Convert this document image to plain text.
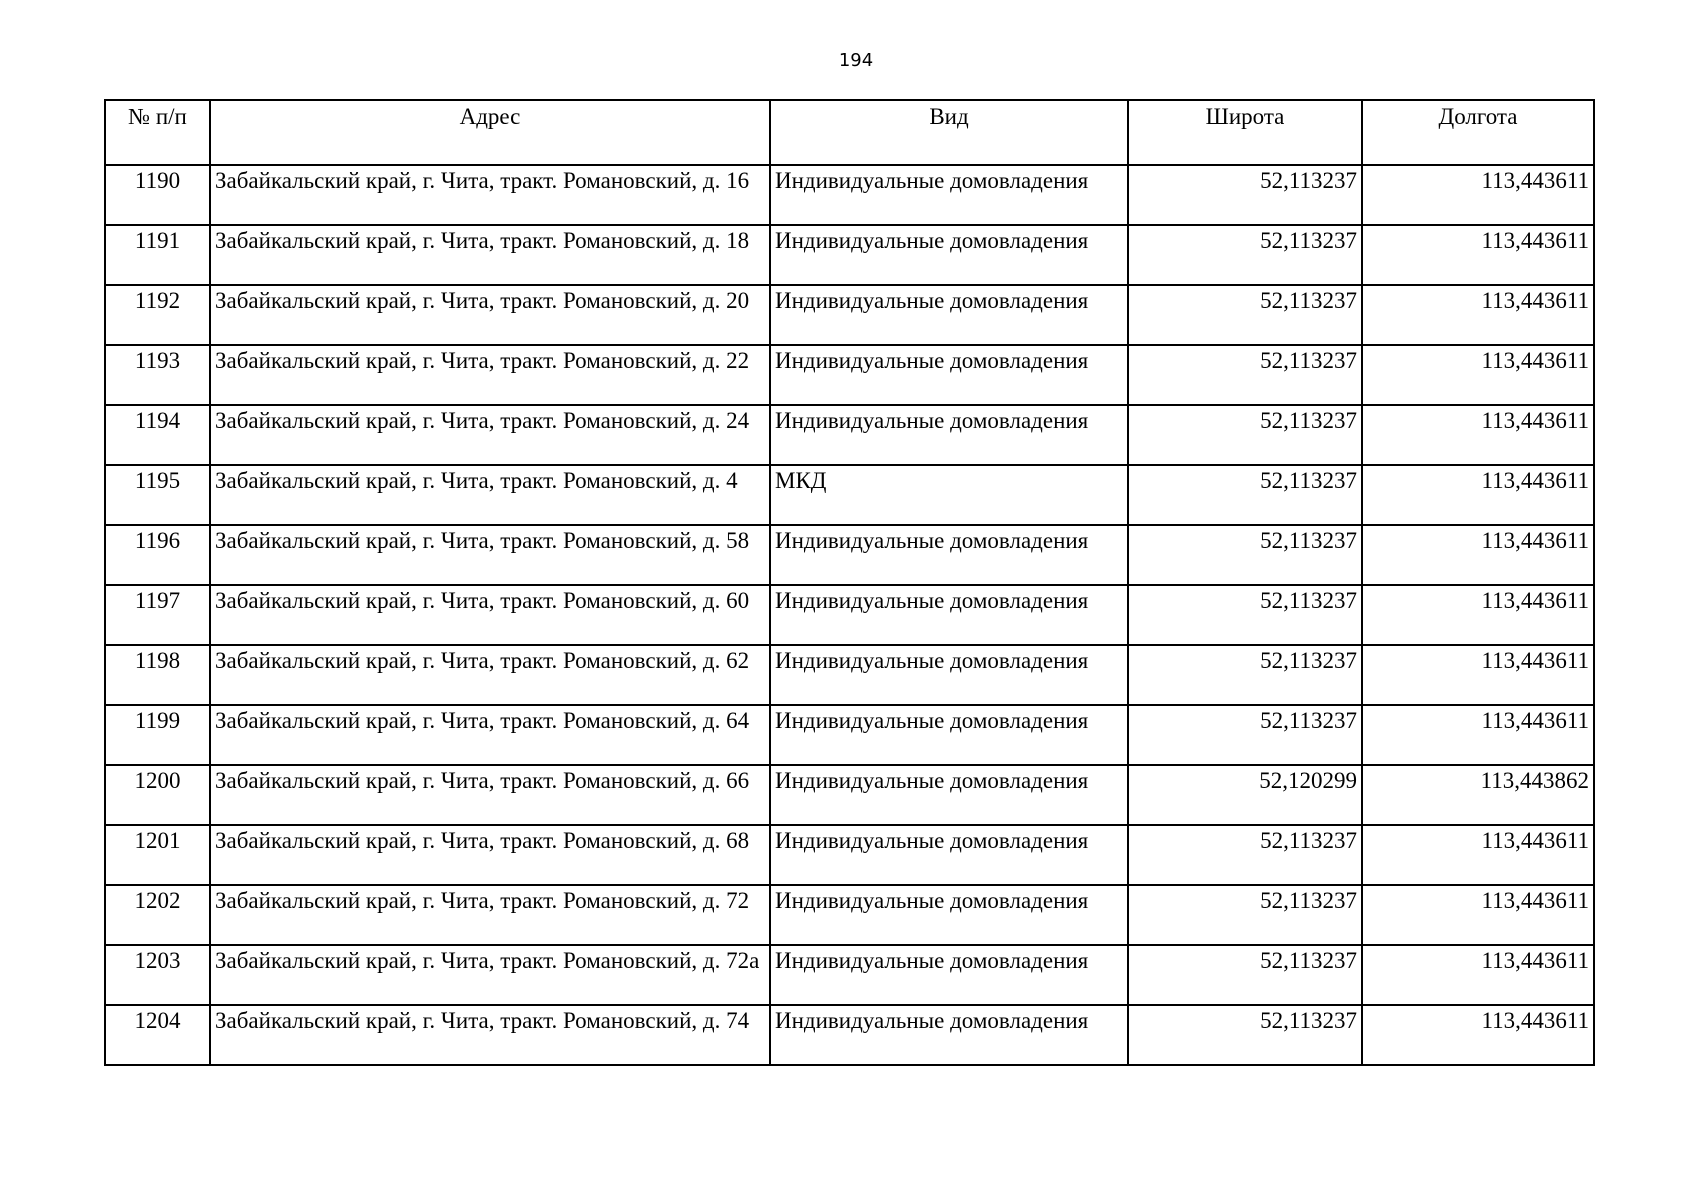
194
№ п/п	Адрес	Вид	Широта	Долгота
1190	Забайкальский край, г. Чита, тракт. Романовский, д. 16	Индивидуальные домовладения	52,113237	113,443611
1191	Забайкальский край, г. Чита, тракт. Романовский, д. 18	Индивидуальные домовладения	52,113237	113,443611
1192	Забайкальский край, г. Чита, тракт. Романовский, д. 20	Индивидуальные домовладения	52,113237	113,443611
1193	Забайкальский край, г. Чита, тракт. Романовский, д. 22	Индивидуальные домовладения	52,113237	113,443611
1194	Забайкальский край, г. Чита, тракт. Романовский, д. 24	Индивидуальные домовладения	52,113237	113,443611
1195	Забайкальский край, г. Чита, тракт. Романовский, д. 4	МКД	52,113237	113,443611
1196	Забайкальский край, г. Чита, тракт. Романовский, д. 58	Индивидуальные домовладения	52,113237	113,443611
1197	Забайкальский край, г. Чита, тракт. Романовский, д. 60	Индивидуальные домовладения	52,113237	113,443611
1198	Забайкальский край, г. Чита, тракт. Романовский, д. 62	Индивидуальные домовладения	52,113237	113,443611
1199	Забайкальский край, г. Чита, тракт. Романовский, д. 64	Индивидуальные домовладения	52,113237	113,443611
1200	Забайкальский край, г. Чита, тракт. Романовский, д. 66	Индивидуальные домовладения	52,120299	113,443862
1201	Забайкальский край, г. Чита, тракт. Романовский, д. 68	Индивидуальные домовладения	52,113237	113,443611
1202	Забайкальский край, г. Чита, тракт. Романовский, д. 72	Индивидуальные домовладения	52,113237	113,443611
1203	Забайкальский край, г. Чита, тракт. Романовский, д. 72а	Индивидуальные домовладения	52,113237	113,443611
1204	Забайкальский край, г. Чита, тракт. Романовский, д. 74	Индивидуальные домовладения	52,113237	113,443611
